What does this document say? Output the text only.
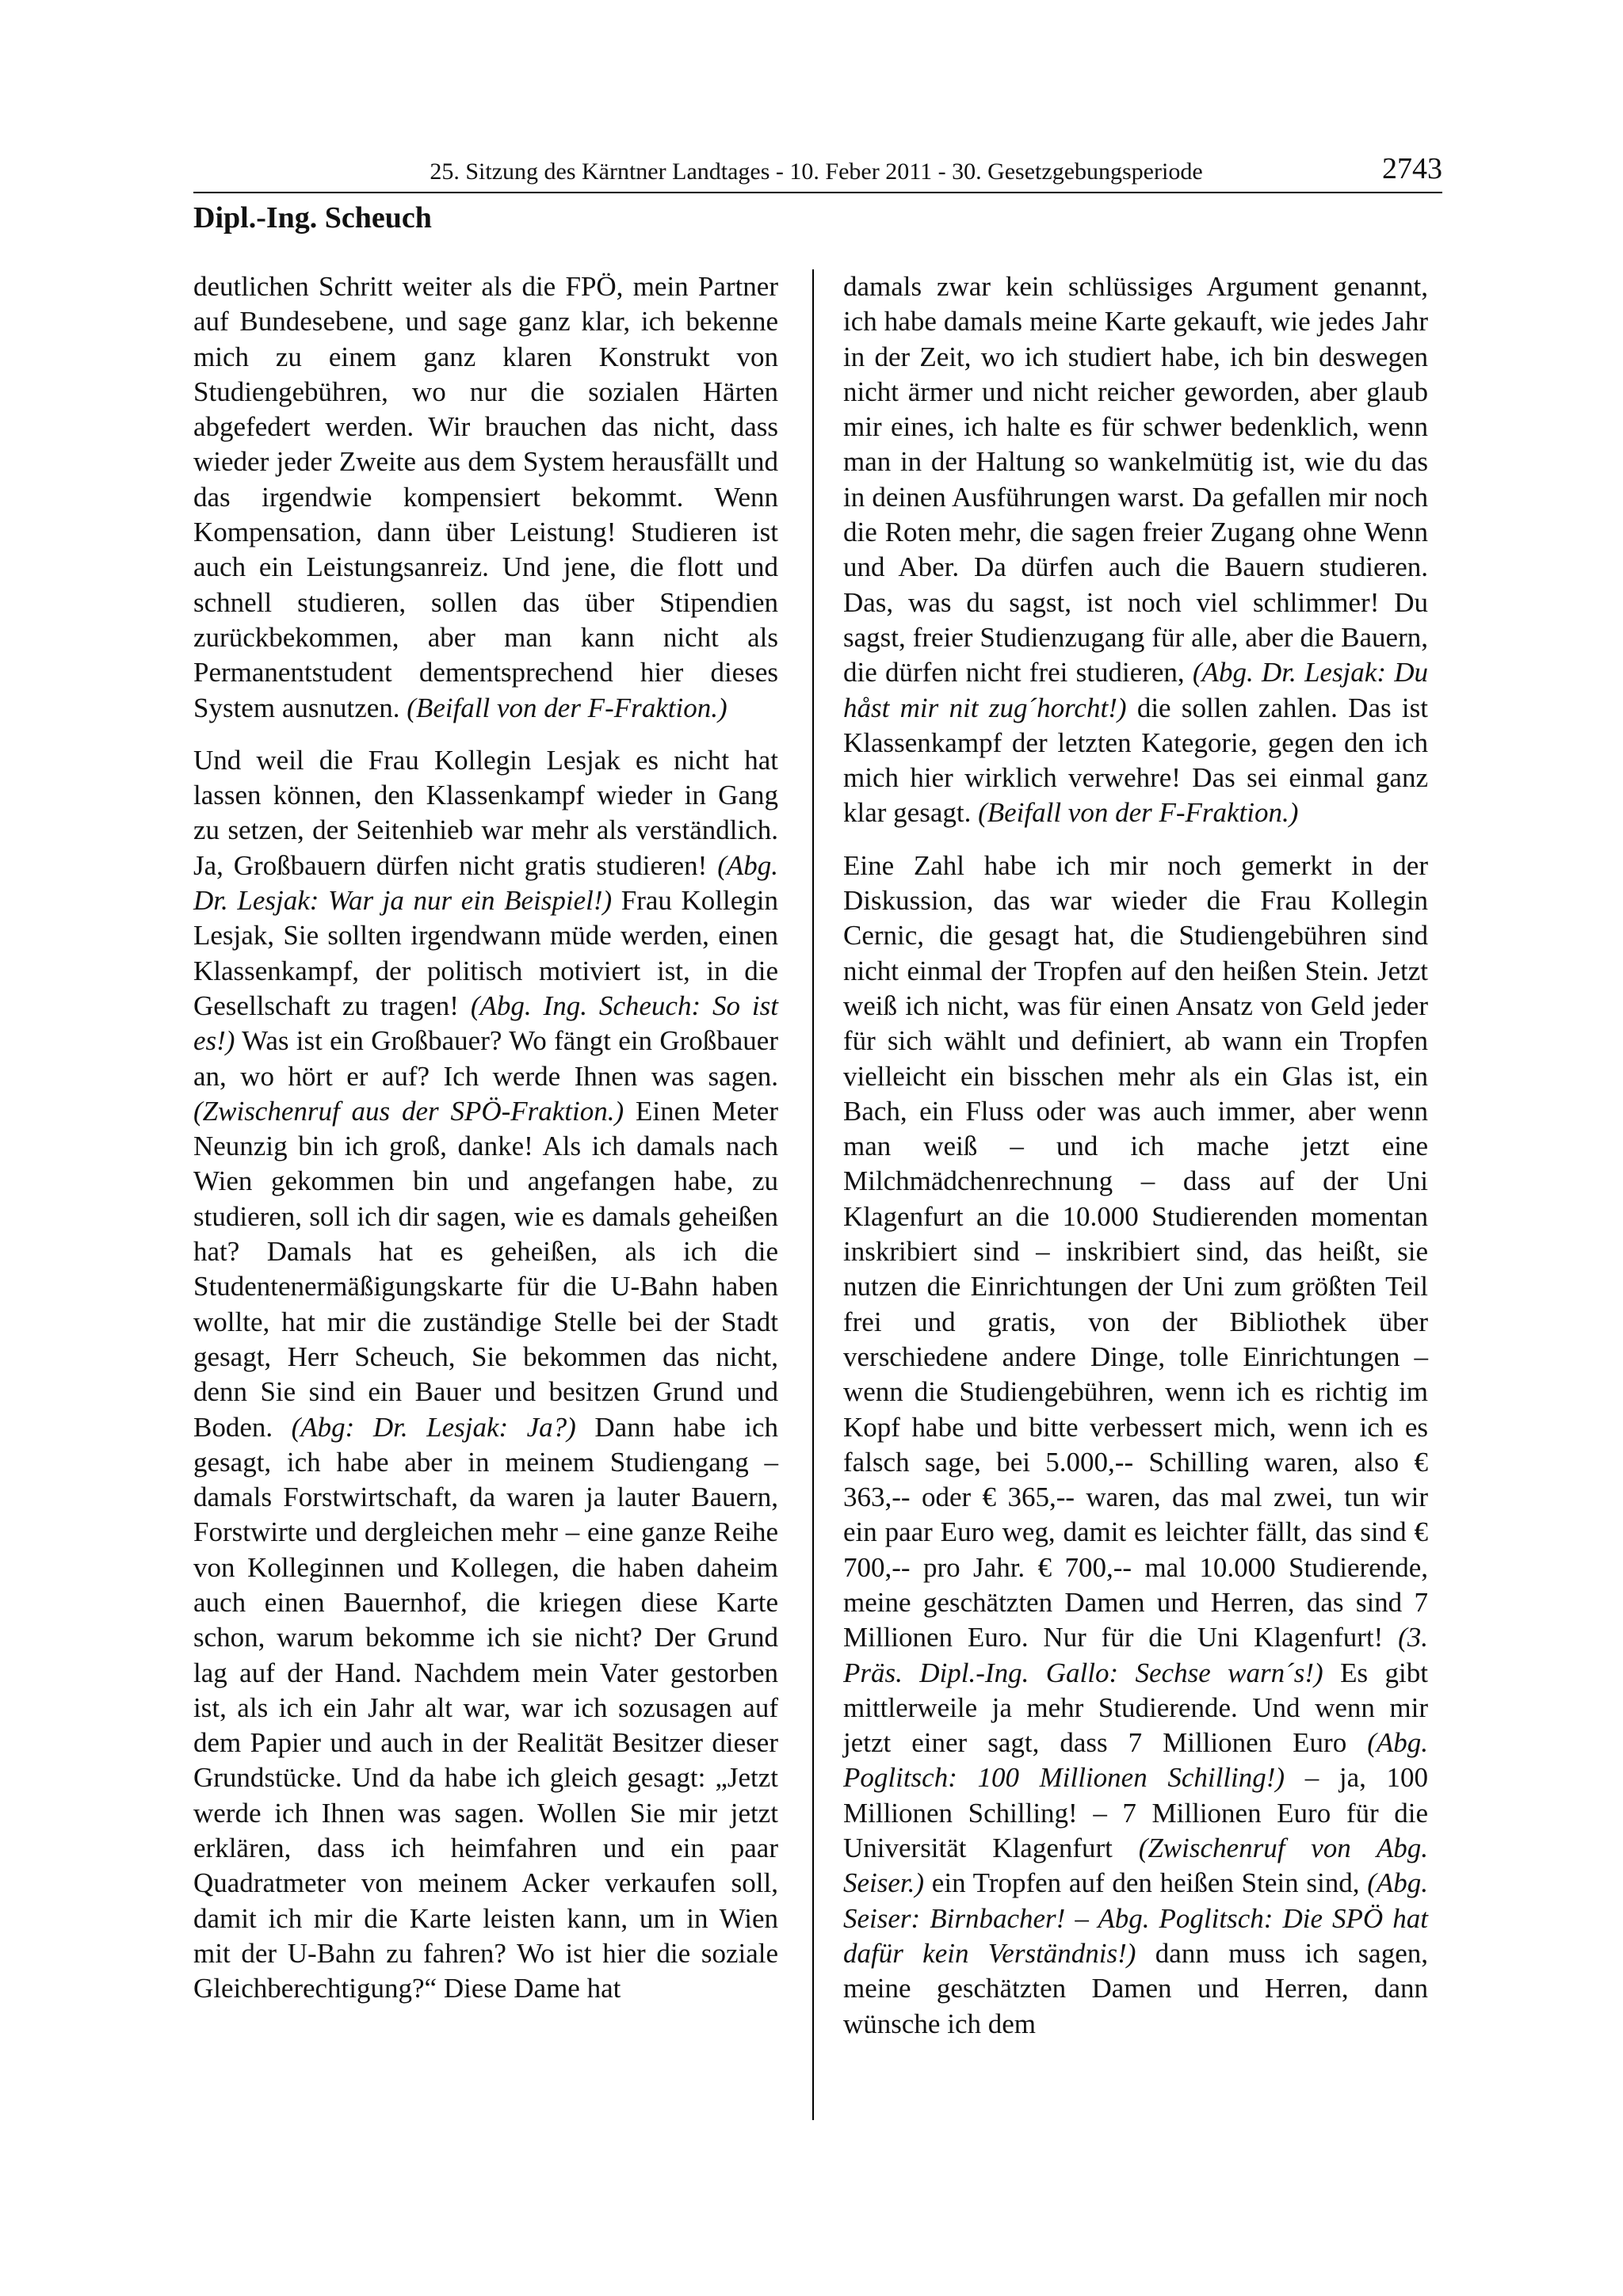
25. Sitzung des Kärntner Landtages - 10. Feber 2011 - 30. Gesetzgebungsperiode	2743
Dipl.-Ing. Scheuch

deutlichen Schritt weiter als die FPÖ, mein Partner auf Bundesebene, und sage ganz klar, ich bekenne mich zu einem ganz klaren Konstrukt von Studiengebühren, wo nur die sozialen Härten abgefedert werden. Wir brauchen das nicht, dass wieder jeder Zweite aus dem System herausfällt und das irgendwie kompensiert bekommt. Wenn Kompensation, dann über Leistung! Studieren ist auch ein Leistungsanreiz. Und jene, die flott und schnell studieren, sollen das über Stipendien zurückbekommen, aber man kann nicht als Permanentstudent dementsprechend hier dieses System ausnutzen. (Beifall von der F-Fraktion.)

Und weil die Frau Kollegin Lesjak es nicht hat lassen können, den Klassenkampf wieder in Gang zu setzen, der Seitenhieb war mehr als verständlich. Ja, Großbauern dürfen nicht gratis studieren! (Abg. Dr. Lesjak: War ja nur ein Beispiel!) Frau Kollegin Lesjak, Sie sollten irgendwann müde werden, einen Klassenkampf, der politisch motiviert ist, in die Gesellschaft zu tragen! (Abg. Ing. Scheuch: So ist es!) Was ist ein Großbauer? Wo fängt ein Großbauer an, wo hört er auf? Ich werde Ihnen was sagen. (Zwischenruf aus der SPÖ-Fraktion.) Einen Meter Neunzig bin ich groß, danke! Als ich damals nach Wien gekommen bin und angefangen habe, zu studieren, soll ich dir sagen, wie es damals geheißen hat? Damals hat es geheißen, als ich die Studentenermäßigungskarte für die U-Bahn haben wollte, hat mir die zuständige Stelle bei der Stadt gesagt, Herr Scheuch, Sie bekommen das nicht, denn Sie sind ein Bauer und besitzen Grund und Boden. (Abg: Dr. Lesjak: Ja?) Dann habe ich gesagt, ich habe aber in meinem Studiengang – damals Forstwirtschaft, da waren ja lauter Bauern, Forstwirte und dergleichen mehr – eine ganze Reihe von Kolleginnen und Kollegen, die haben daheim auch einen Bauernhof, die kriegen diese Karte schon, warum bekomme ich sie nicht? Der Grund lag auf der Hand. Nachdem mein Vater gestorben ist, als ich ein Jahr alt war, war ich sozusagen auf dem Papier und auch in der Realität Besitzer dieser Grundstücke. Und da habe ich gleich gesagt: „Jetzt werde ich Ihnen was sagen. Wollen Sie mir jetzt erklären, dass ich heimfahren und ein paar Quadratmeter von meinem Acker verkaufen soll, damit ich mir die Karte leisten kann, um in Wien mit der U-Bahn zu fahren? Wo ist hier die soziale Gleichberechtigung?“ Diese Dame hat

damals zwar kein schlüssiges Argument genannt, ich habe damals meine Karte gekauft, wie jedes Jahr in der Zeit, wo ich studiert habe, ich bin deswegen nicht ärmer und nicht reicher geworden, aber glaub mir eines, ich halte es für schwer bedenklich, wenn man in der Haltung so wankelmütig ist, wie du das in deinen Ausführungen warst. Da gefallen mir noch die Roten mehr, die sagen freier Zugang ohne Wenn und Aber. Da dürfen auch die Bauern studieren. Das, was du sagst, ist noch viel schlimmer! Du sagst, freier Studienzugang für alle, aber die Bauern, die dürfen nicht frei studieren, (Abg. Dr. Lesjak: Du håst mir nit zug´horcht!) die sollen zahlen. Das ist Klassenkampf der letzten Kategorie, gegen den ich mich hier wirklich verwehre! Das sei einmal ganz klar gesagt. (Beifall von der F-Fraktion.)

Eine Zahl habe ich mir noch gemerkt in der Diskussion, das war wieder die Frau Kollegin Cernic, die gesagt hat, die Studiengebühren sind nicht einmal der Tropfen auf den heißen Stein. Jetzt weiß ich nicht, was für einen Ansatz von Geld jeder für sich wählt und definiert, ab wann ein Tropfen vielleicht ein bisschen mehr als ein Glas ist, ein Bach, ein Fluss oder was auch immer, aber wenn man weiß – und ich mache jetzt eine Milchmädchenrechnung – dass auf der Uni Klagenfurt an die 10.000 Studierenden momentan inskribiert sind – inskribiert sind, das heißt, sie nutzen die Einrichtungen der Uni zum größten Teil frei und gratis, von der Bibliothek über verschiedene andere Dinge, tolle Einrichtungen – wenn die Studiengebühren, wenn ich es richtig im Kopf habe und bitte verbessert mich, wenn ich es falsch sage, bei 5.000,-- Schilling waren, also € 363,-- oder € 365,-- waren, das mal zwei, tun wir ein paar Euro weg, damit es leichter fällt, das sind € 700,-- pro Jahr. € 700,-- mal 10.000 Studierende, meine geschätzten Damen und Herren, das sind 7 Millionen Euro. Nur für die Uni Klagenfurt! (3. Präs. Dipl.-Ing. Gallo: Sechse warn´s!) Es gibt mittlerweile ja mehr Studierende. Und wenn mir jetzt einer sagt, dass 7 Millionen Euro (Abg. Poglitsch: 100 Millionen Schilling!) – ja, 100 Millionen Schilling! – 7 Millionen Euro für die Universität Klagenfurt (Zwischenruf von Abg. Seiser.) ein Tropfen auf den heißen Stein sind, (Abg. Seiser: Birnbacher! – Abg. Poglitsch: Die SPÖ hat dafür kein Verständnis!) dann muss ich sagen, meine geschätzten Damen und Herren, dann wünsche ich dem
